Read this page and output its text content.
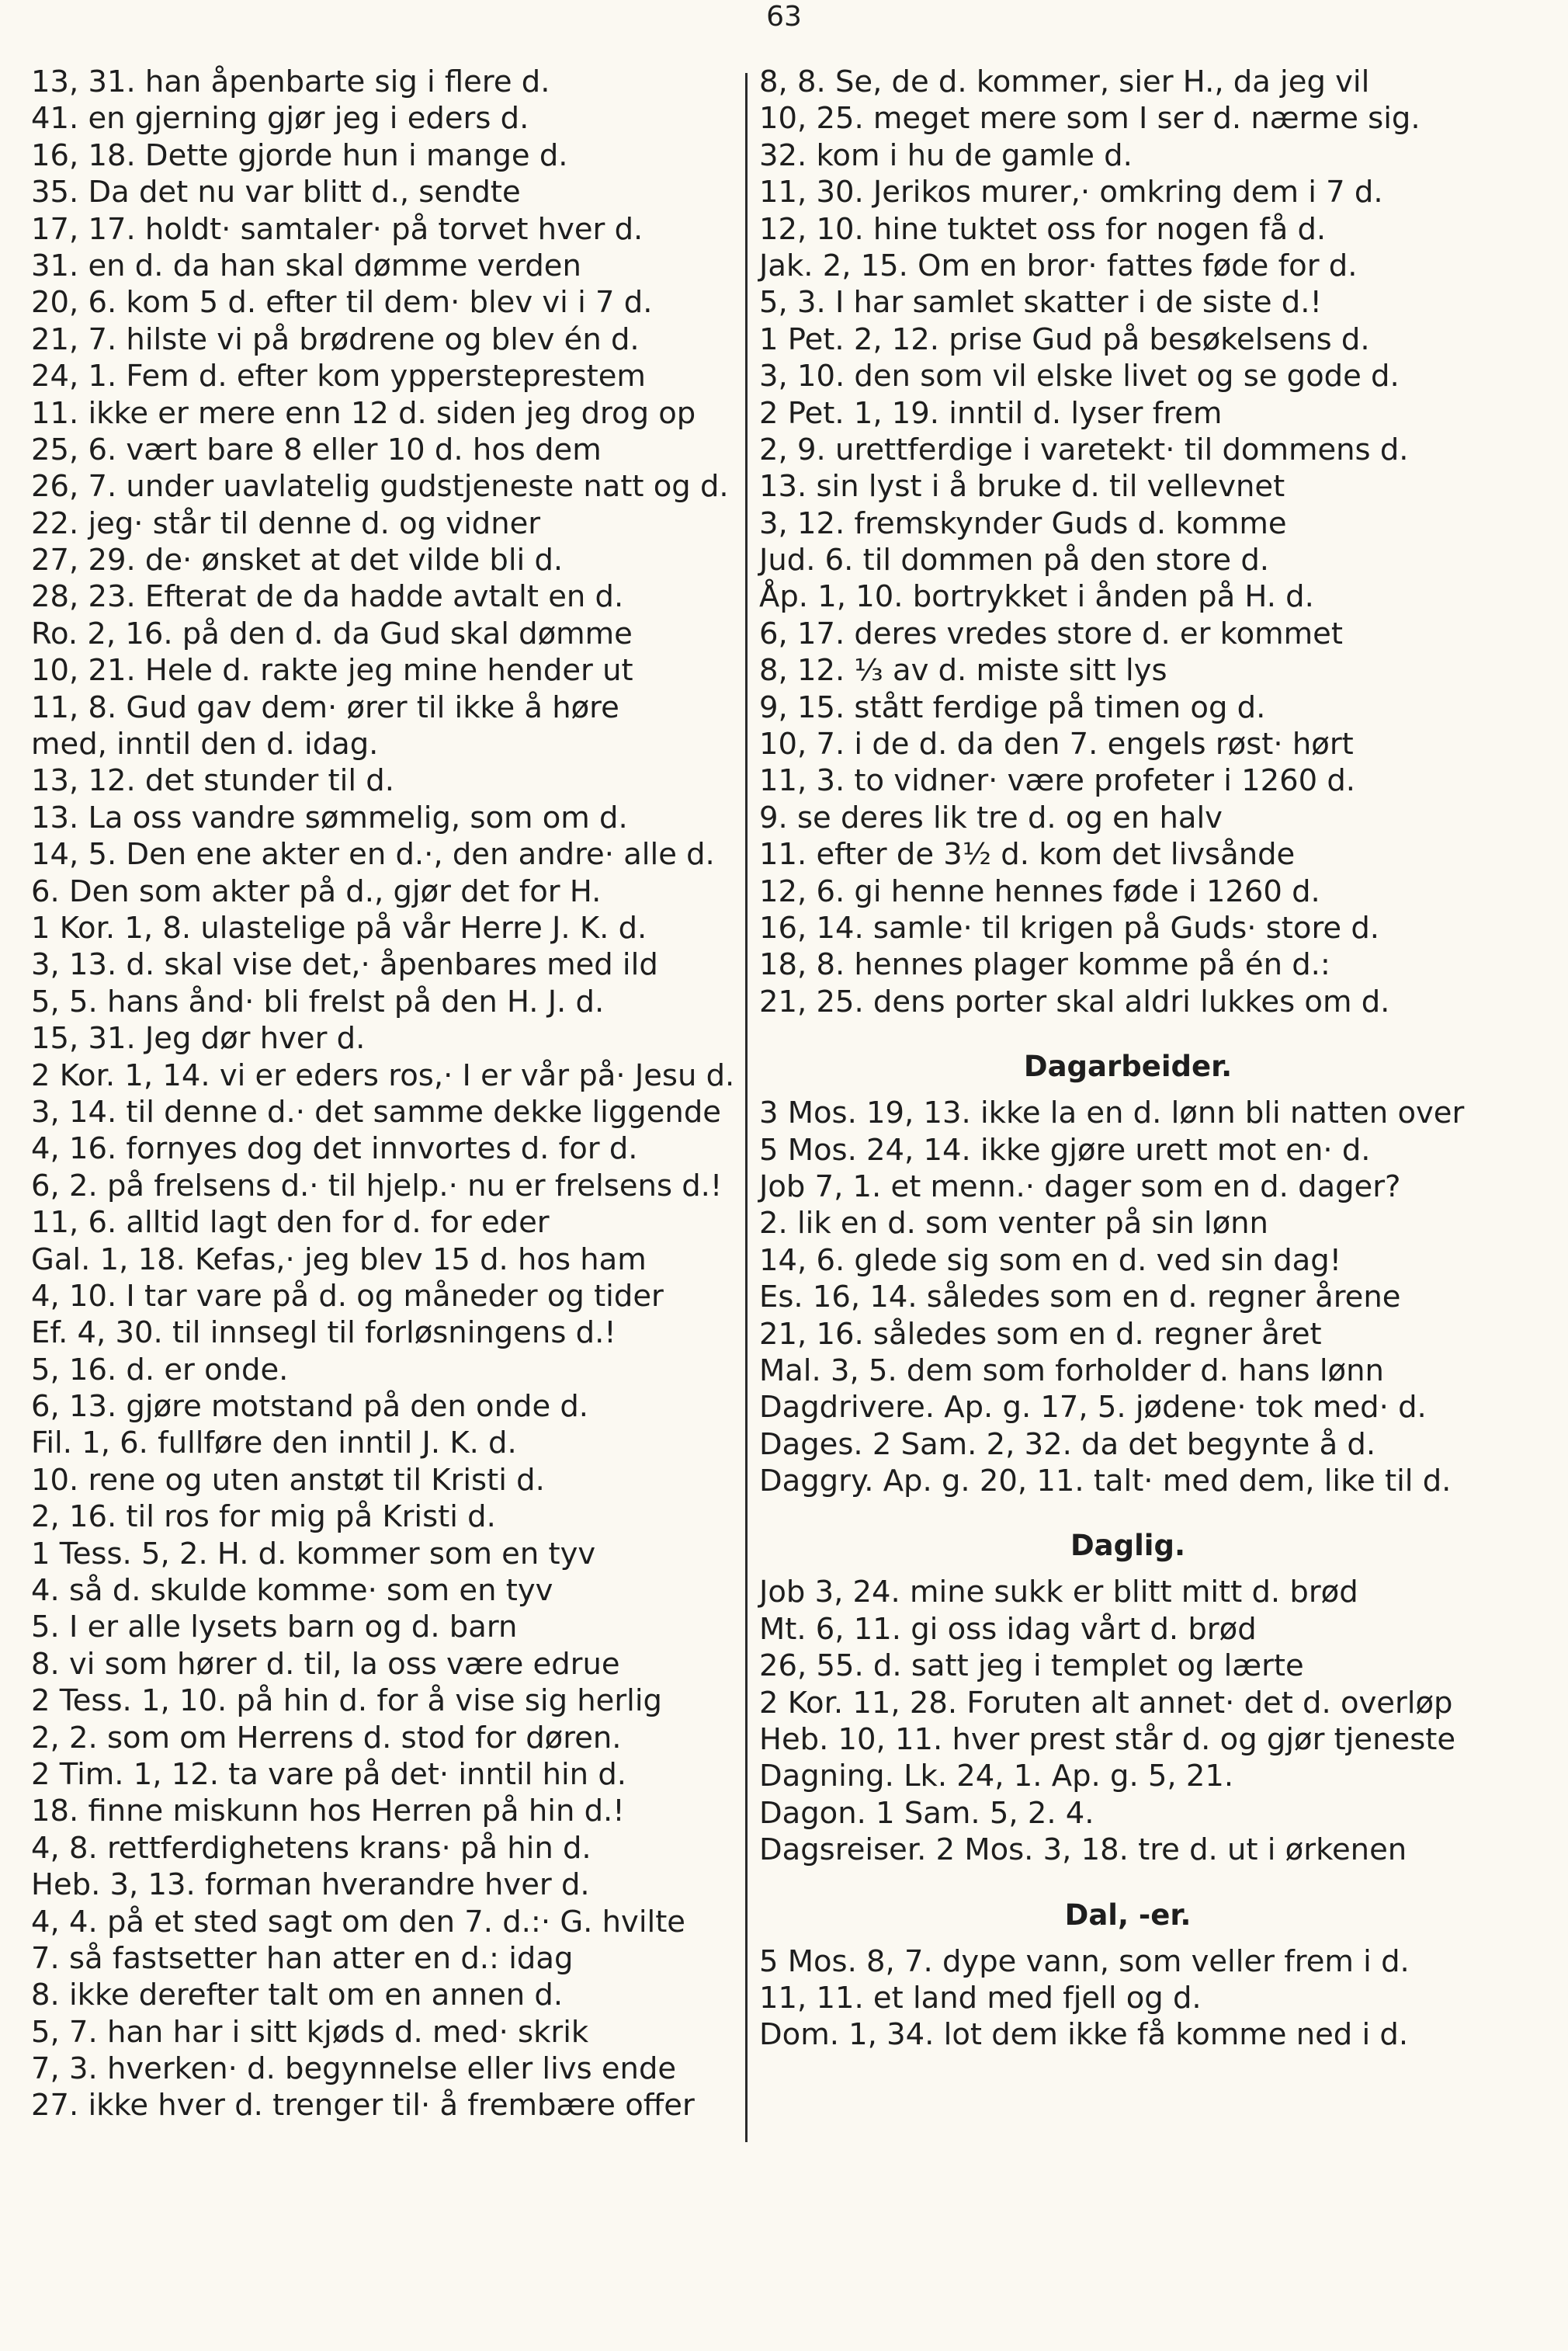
63
13, 31. han åpenbarte sig i flere d.
41. en gjerning gjør jeg i eders d.
16, 18. Dette gjorde hun i mange d.
35. Da det nu var blitt d., sendte
17, 17. holdt· samtaler· på torvet hver d.
31. en d. da han skal dømme verden
20, 6. kom 5 d. efter til dem· blev vi i 7 d.
21, 7. hilste vi på brødrene og blev én d.
24, 1. Fem d. efter kom yppersteprestem
11. ikke er mere enn 12 d. siden jeg drog op
25, 6. vært bare 8 eller 10 d. hos dem
26, 7. under uavlatelig gudstjeneste natt og d.
22. jeg· står til denne d. og vidner
27, 29. de· ønsket at det vilde bli d.
28, 23. Efterat de da hadde avtalt en d.
Ro. 2, 16. på den d. da Gud skal dømme
10, 21. Hele d. rakte jeg mine hender ut
11, 8. Gud gav dem· ører til ikke å høre
med, inntil den d. idag.
13, 12. det stunder til d.
13. La oss vandre sømmelig, som om d.
14, 5. Den ene akter en d.·, den andre· alle d.
6. Den som akter på d., gjør det for H.
1 Kor. 1, 8. ulastelige på vår Herre J. K. d.
3, 13. d. skal vise det,· åpenbares med ild
5, 5. hans ånd· bli frelst på den H. J. d.
15, 31. Jeg dør hver d.
2 Kor. 1, 14. vi er eders ros,· I er vår på· Jesu d.
3, 14. til denne d.· det samme dekke liggende
4, 16. fornyes dog det innvortes d. for d.
6, 2. på frelsens d.· til hjelp.· nu er frelsens d.!
11, 6. alltid lagt den for d. for eder
Gal. 1, 18. Kefas,· jeg blev 15 d. hos ham
4, 10. I tar vare på d. og måneder og tider
Ef. 4, 30. til innsegl til forløsningens d.!
5, 16. d. er onde.
6, 13. gjøre motstand på den onde d.
Fil. 1, 6. fullføre den inntil J. K. d.
10. rene og uten anstøt til Kristi d.
2, 16. til ros for mig på Kristi d.
1 Tess. 5, 2. H. d. kommer som en tyv
4. så d. skulde komme· som en tyv
5. I er alle lysets barn og d. barn
8. vi som hører d. til, la oss være edrue
2 Tess. 1, 10. på hin d. for å vise sig herlig
2, 2. som om Herrens d. stod for døren.
2 Tim. 1, 12. ta vare på det· inntil hin d.
18. finne miskunn hos Herren på hin d.!
4, 8. rettferdighetens krans· på hin d.
Heb. 3, 13. forman hverandre hver d.
4, 4. på et sted sagt om den 7. d.:· G. hvilte
7. så fastsetter han atter en d.: idag
8. ikke derefter talt om en annen d.
5, 7. han har i sitt kjøds d. med· skrik
7, 3. hverken· d. begynnelse eller livs ende
27. ikke hver d. trenger til· å frembære offer
8, 8. Se, de d. kommer, sier H., da jeg vil
10, 25. meget mere som I ser d. nærme sig.
32. kom i hu de gamle d.
11, 30. Jerikos murer,· omkring dem i 7 d.
12, 10. hine tuktet oss for nogen få d.
Jak. 2, 15. Om en bror· fattes føde for d.
5, 3. I har samlet skatter i de siste d.!
1 Pet. 2, 12. prise Gud på besøkelsens d.
3, 10. den som vil elske livet og se gode d.
2 Pet. 1, 19. inntil d. lyser frem
2, 9. urettferdige i varetekt· til dommens d.
13. sin lyst i å bruke d. til vellevnet
3, 12. fremskynder Guds d. komme
Jud. 6. til dommen på den store d.
Åp. 1, 10. bortrykket i ånden på H. d.
6, 17. deres vredes store d. er kommet
8, 12. ⅓ av d. miste sitt lys
9, 15. stått ferdige på timen og d.
10, 7. i de d. da den 7. engels røst· hørt
11, 3. to vidner· være profeter i 1260 d.
9. se deres lik tre d. og en halv
11. efter de 3½ d. kom det livsånde
12, 6. gi henne hennes føde i 1260 d.
16, 14. samle· til krigen på Guds· store d.
18, 8. hennes plager komme på én d.:
21, 25. dens porter skal aldri lukkes om d.
Dagarbeider.
3 Mos. 19, 13. ikke la en d. lønn bli natten over
5 Mos. 24, 14. ikke gjøre urett mot en· d.
Job 7, 1. et menn.· dager som en d. dager?
2. lik en d. som venter på sin lønn
14, 6. glede sig som en d. ved sin dag!
Es. 16, 14. således som en d. regner årene
21, 16. således som en d. regner året
Mal. 3, 5. dem som forholder d. hans lønn
Dagdrivere. Ap. g. 17, 5. jødene· tok med· d.
Dages. 2 Sam. 2, 32. da det begynte å d.
Daggry. Ap. g. 20, 11. talt· med dem, like til d.
Daglig.
Job 3, 24. mine sukk er blitt mitt d. brød
Mt. 6, 11. gi oss idag vårt d. brød
26, 55. d. satt jeg i templet og lærte
2 Kor. 11, 28. Foruten alt annet· det d. overløp
Heb. 10, 11. hver prest står d. og gjør tjeneste
Dagning. Lk. 24, 1. Ap. g. 5, 21.
Dagon. 1 Sam. 5, 2. 4.
Dagsreiser. 2 Mos. 3, 18. tre d. ut i ørkenen
Dal, -er.
5 Mos. 8, 7. dype vann, som veller frem i d.
11, 11. et land med fjell og d.
Dom. 1, 34. lot dem ikke få komme ned i d.
